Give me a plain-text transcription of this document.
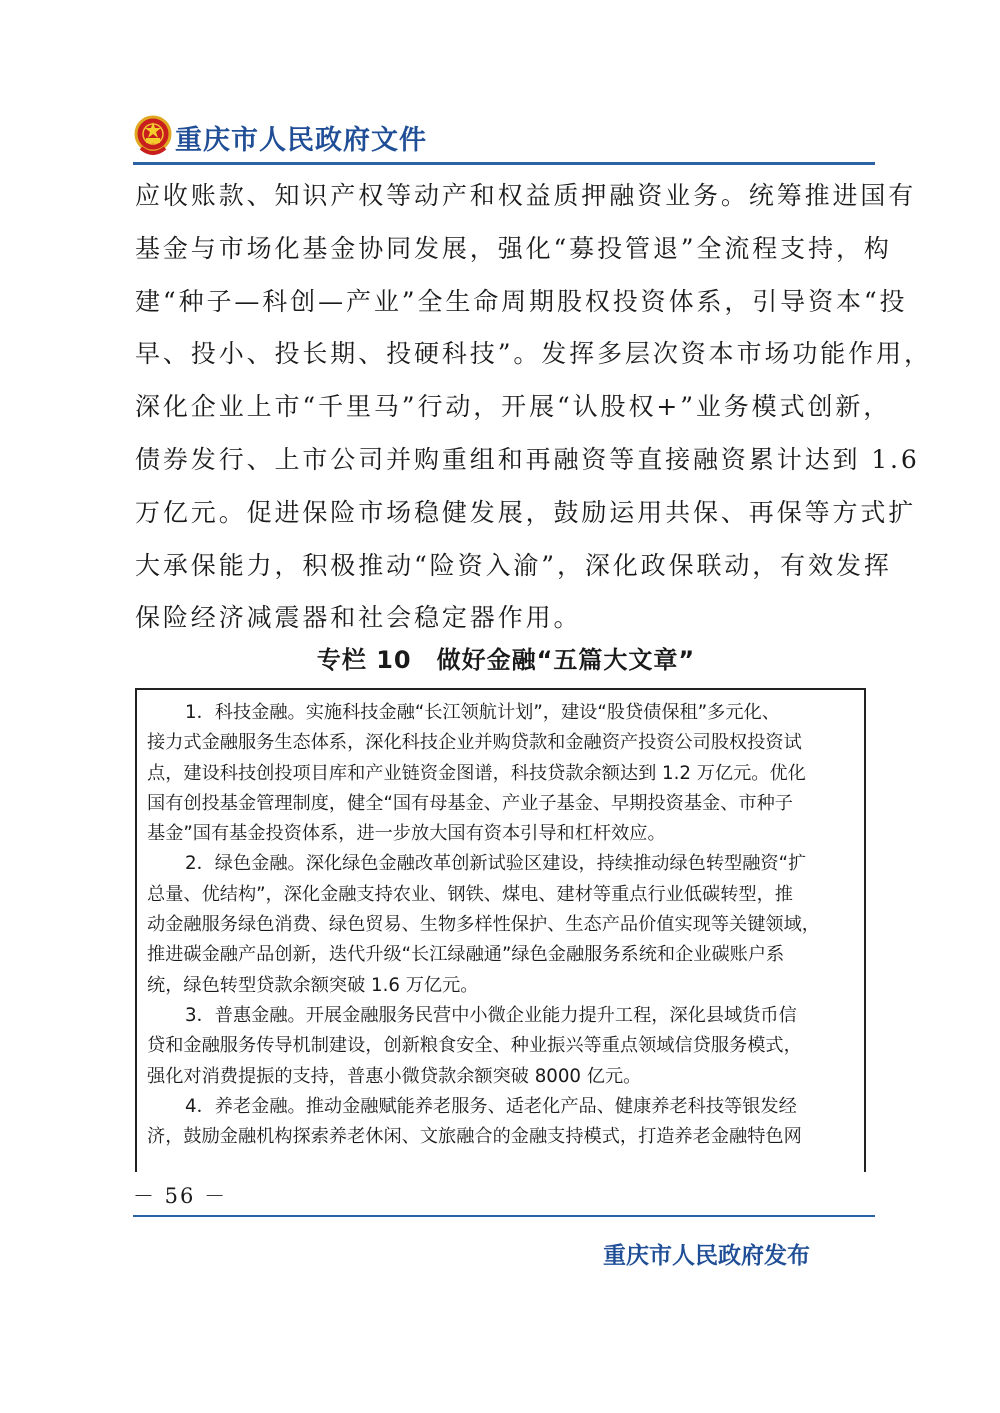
重庆市人民政府文件

应收账款、知识产权等动产和权益质押融资业务。统筹推进国有
基金与市场化基金协同发展，强化“募投管退”全流程支持，构
建“种子—科创—产业”全生命周期股权投资体系，引导资本“投
早、投小、投长期、投硬科技”。发挥多层次资本市场功能作用，
深化企业上市“千里马”行动，开展“认股权+”业务模式创新，
债券发行、上市公司并购重组和再融资等直接融资累计达到 1.6
万亿元。促进保险市场稳健发展，鼓励运用共保、再保等方式扩
大承保能力，积极推动“险资入渝”，深化政保联动，有效发挥
保险经济减震器和社会稳定器作用。

专栏 10　做好金融“五篇大文章”

1．科技金融。实施科技金融“长江领航计划”，建设“股贷债保租”多元化、
接力式金融服务生态体系，深化科技企业并购贷款和金融资产投资公司股权投资试
点，建设科技创投项目库和产业链资金图谱，科技贷款余额达到 1.2 万亿元。优化
国有创投基金管理制度，健全“国有母基金、产业子基金、早期投资基金、市种子
基金”国有基金投资体系，进一步放大国有资本引导和杠杆效应。

2．绿色金融。深化绿色金融改革创新试验区建设，持续推动绿色转型融资“扩
总量、优结构”，深化金融支持农业、钢铁、煤电、建材等重点行业低碳转型，推
动金融服务绿色消费、绿色贸易、生物多样性保护、生态产品价值实现等关键领域，
推进碳金融产品创新，迭代升级“长江绿融通”绿色金融服务系统和企业碳账户系
统，绿色转型贷款余额突破 1.6 万亿元。

3．普惠金融。开展金融服务民营中小微企业能力提升工程，深化县域货币信
贷和金融服务传导机制建设，创新粮食安全、种业振兴等重点领域信贷服务模式，
强化对消费提振的支持，普惠小微贷款余额突破 8000 亿元。

4．养老金融。推动金融赋能养老服务、适老化产品、健康养老科技等银发经
济，鼓励金融机构探索养老休闲、文旅融合的金融支持模式，打造养老金融特色网

－ 56 －
重庆市人民政府发布
